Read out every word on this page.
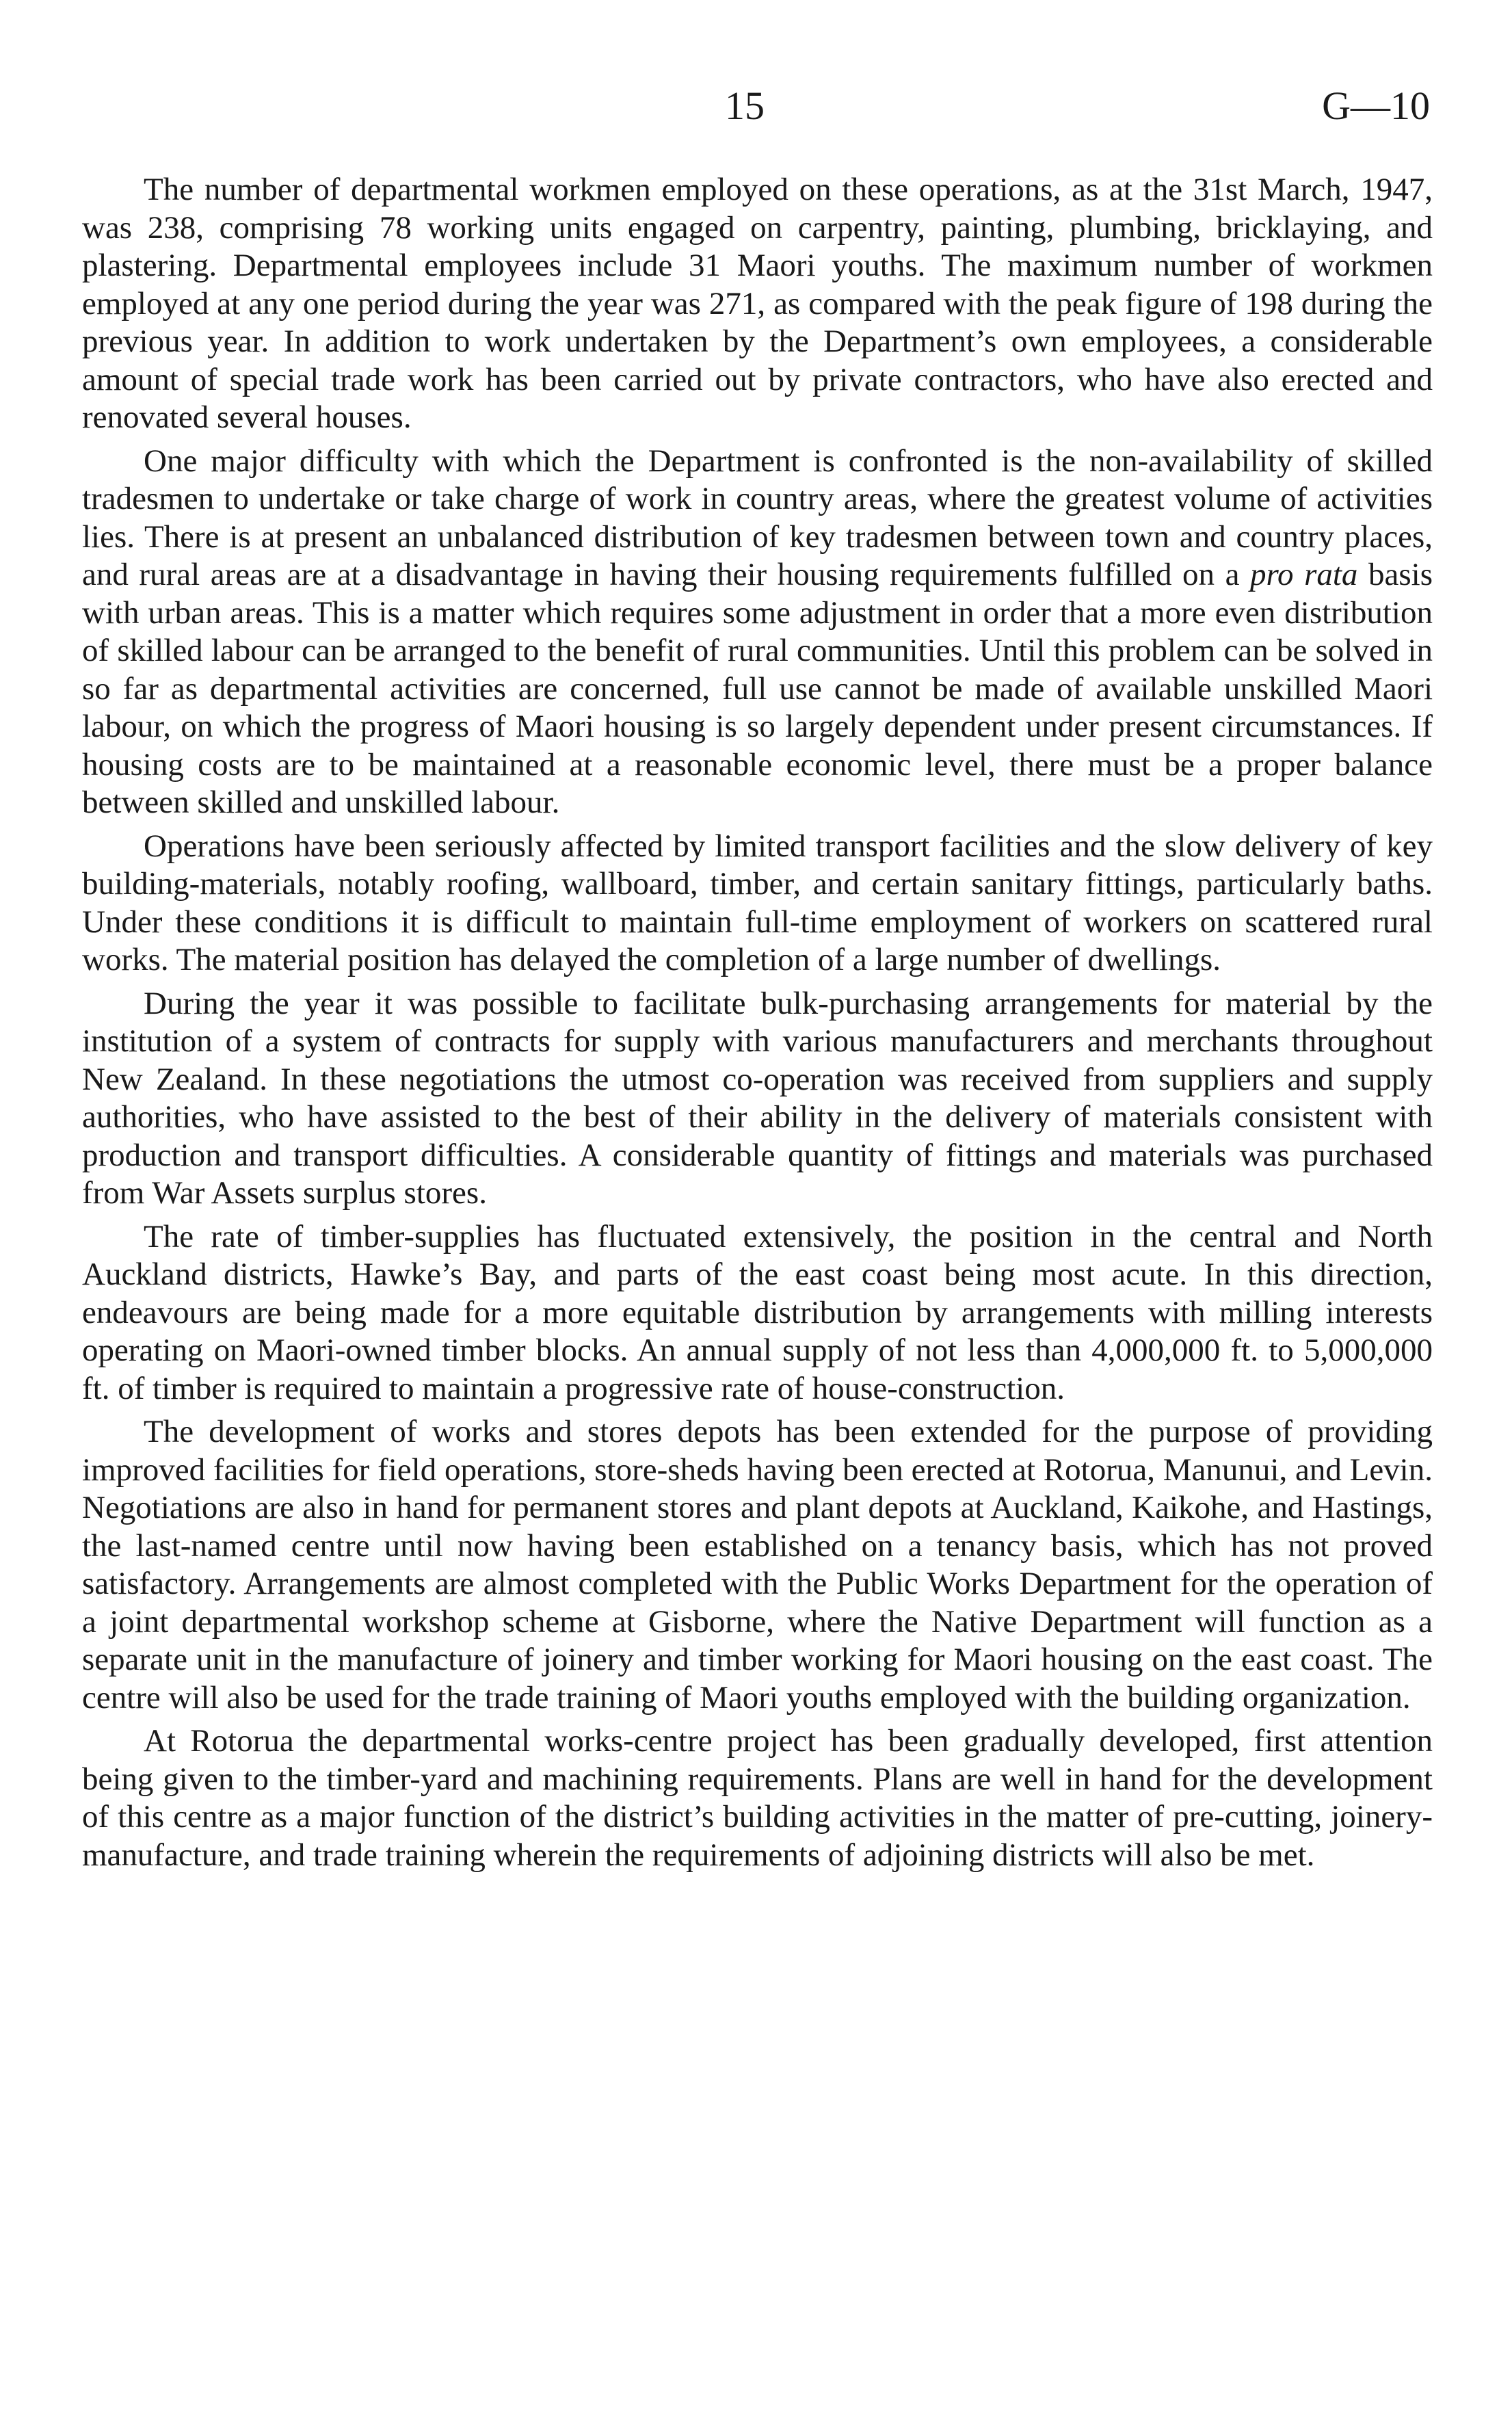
15	G—10

The number of departmental workmen employed on these operations, as at the 31st March, 1947, was 238, comprising 78 working units engaged on carpentry, painting, plumbing, bricklaying, and plastering. Departmental employees include 31 Maori youths. The maximum number of workmen employed at any one period during the year was 271, as compared with the peak figure of 198 during the previous year. In addition to work undertaken by the Department’s own employees, a considerable amount of special trade work has been carried out by private contractors, who have also erected and renovated several houses.

One major difficulty with which the Department is confronted is the non-availability of skilled tradesmen to undertake or take charge of work in country areas, where the greatest volume of activities lies. There is at present an unbalanced distribution of key tradesmen between town and country places, and rural areas are at a disadvantage in having their housing requirements fulfilled on a pro rata basis with urban areas. This is a matter which requires some adjustment in order that a more even distribution of skilled labour can be arranged to the benefit of rural communities. Until this problem can be solved in so far as departmental activities are concerned, full use cannot be made of available unskilled Maori labour, on which the progress of Maori housing is so largely dependent under present circumstances. If housing costs are to be maintained at a reasonable economic level, there must be a proper balance between skilled and unskilled labour.

Operations have been seriously affected by limited transport facilities and the slow delivery of key building-materials, notably roofing, wallboard, timber, and certain sanitary fittings, particularly baths. Under these conditions it is difficult to maintain full-time employment of workers on scattered rural works. The material position has delayed the completion of a large number of dwellings.

During the year it was possible to facilitate bulk-purchasing arrangements for material by the institution of a system of contracts for supply with various manufacturers and merchants throughout New Zealand. In these negotiations the utmost co-operation was received from suppliers and supply authorities, who have assisted to the best of their ability in the delivery of materials consistent with production and transport difficulties. A considerable quantity of fittings and materials was purchased from War Assets surplus stores.

The rate of timber-supplies has fluctuated extensively, the position in the central and North Auckland districts, Hawke’s Bay, and parts of the east coast being most acute. In this direction, endeavours are being made for a more equitable distribution by arrangements with milling interests operating on Maori-owned timber blocks. An annual supply of not less than 4,000,000 ft. to 5,000,000 ft. of timber is required to maintain a progressive rate of house-construction.

The development of works and stores depots has been extended for the purpose of providing improved facilities for field operations, store-sheds having been erected at Rotorua, Manunui, and Levin. Negotiations are also in hand for permanent stores and plant depots at Auckland, Kaikohe, and Hastings, the last-named centre until now having been established on a tenancy basis, which has not proved satisfactory. Arrangements are almost completed with the Public Works Department for the operation of a joint departmental workshop scheme at Gisborne, where the Native Department will function as a separate unit in the manufacture of joinery and timber working for Maori housing on the east coast. The centre will also be used for the trade training of Maori youths employed with the building organization.

At Rotorua the departmental works-centre project has been gradually developed, first attention being given to the timber-yard and machining requirements. Plans are well in hand for the development of this centre as a major function of the district’s building activities in the matter of pre-cutting, joinery-manufacture, and trade training wherein the requirements of adjoining districts will also be met.
